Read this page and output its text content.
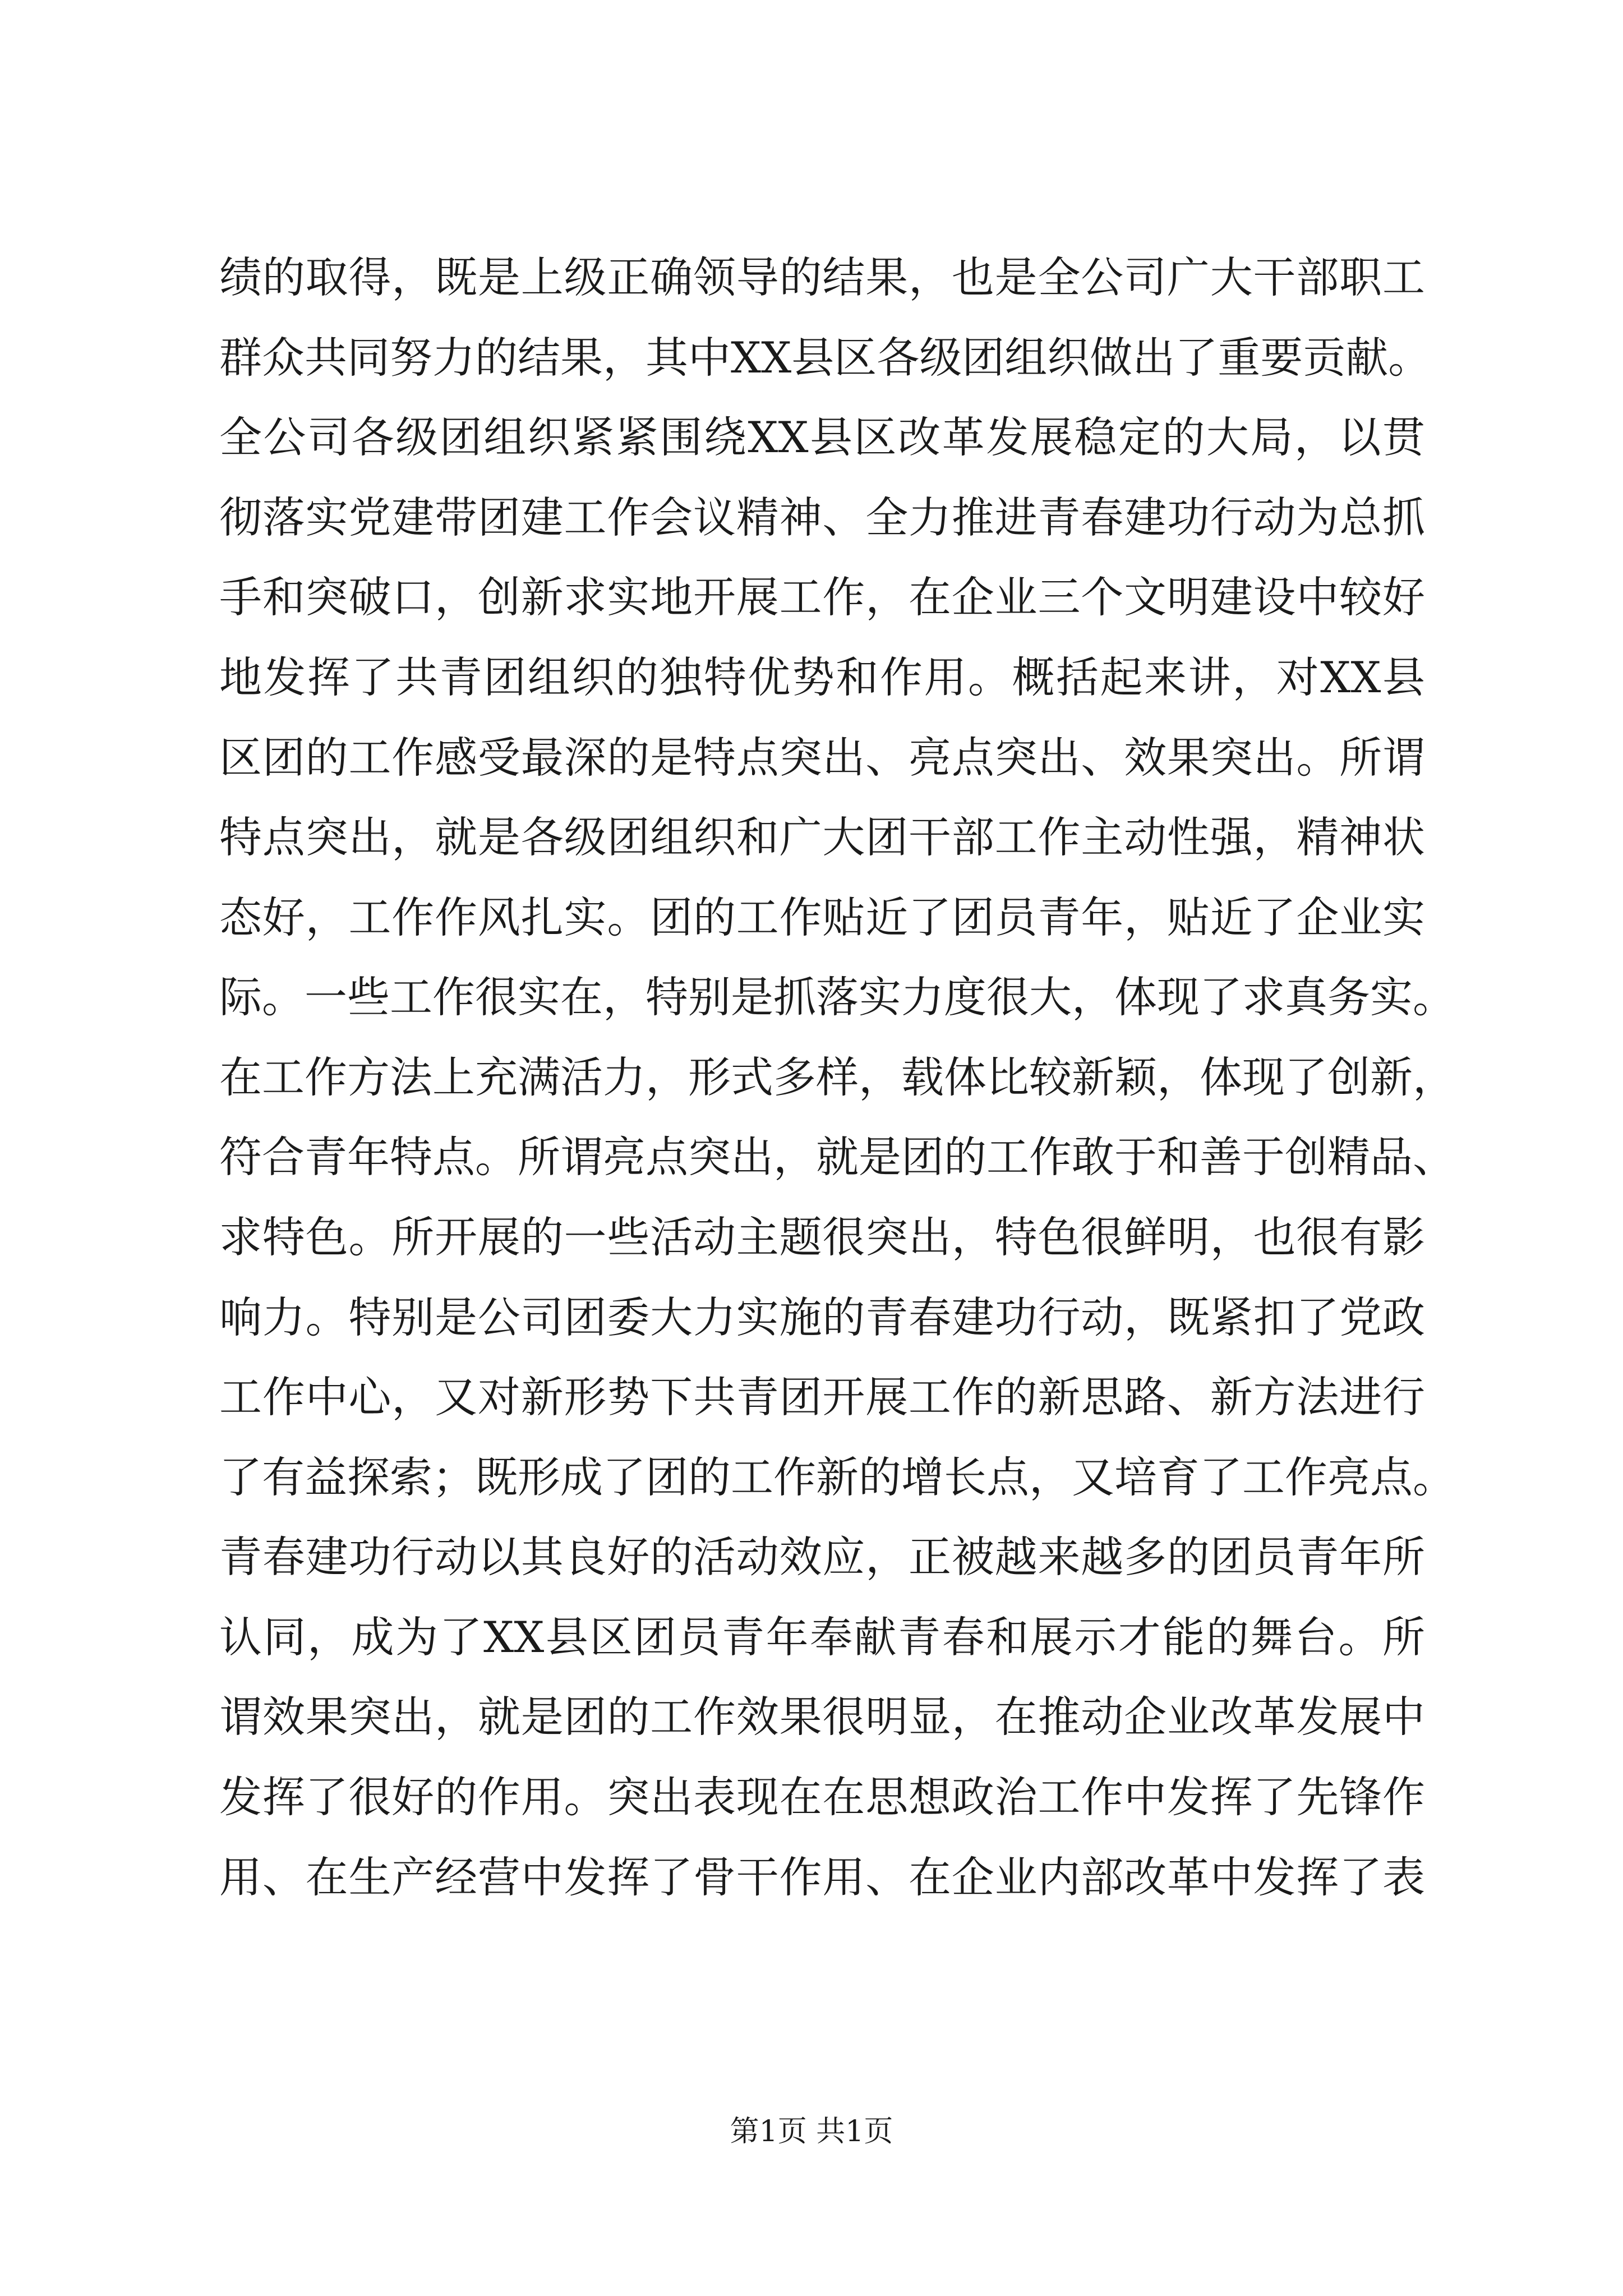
绩的取得，既是上级正确领导的结果，也是全公司广大干部职工
群众共同努力的结果，其中XX县区各级团组织做出了重要贡献。
全公司各级团组织紧紧围绕XX县区改革发展稳定的大局，以贯
彻落实党建带团建工作会议精神、全力推进青春建功行动为总抓
手和突破口，创新求实地开展工作，在企业三个文明建设中较好
地发挥了共青团组织的独特优势和作用。概括起来讲，对XX县
区团的工作感受最深的是特点突出、亮点突出、效果突出。所谓
特点突出，就是各级团组织和广大团干部工作主动性强，精神状
态好，工作作风扎实。团的工作贴近了团员青年，贴近了企业实
际。一些工作很实在，特别是抓落实力度很大，体现了求真务实。
在工作方法上充满活力，形式多样，载体比较新颖，体现了创新，
符合青年特点。所谓亮点突出，就是团的工作敢于和善于创精品、
求特色。所开展的一些活动主题很突出，特色很鲜明，也很有影
响力。特别是公司团委大力实施的青春建功行动，既紧扣了党政
工作中心，又对新形势下共青团开展工作的新思路、新方法进行
了有益探索；既形成了团的工作新的增长点，又培育了工作亮点。
青春建功行动以其良好的活动效应，正被越来越多的团员青年所
认同，成为了XX县区团员青年奉献青春和展示才能的舞台。所
谓效果突出，就是团的工作效果很明显，在推动企业改革发展中
发挥了很好的作用。突出表现在在思想政治工作中发挥了先锋作
用、在生产经营中发挥了骨干作用、在企业内部改革中发挥了表
第1页 共1页
